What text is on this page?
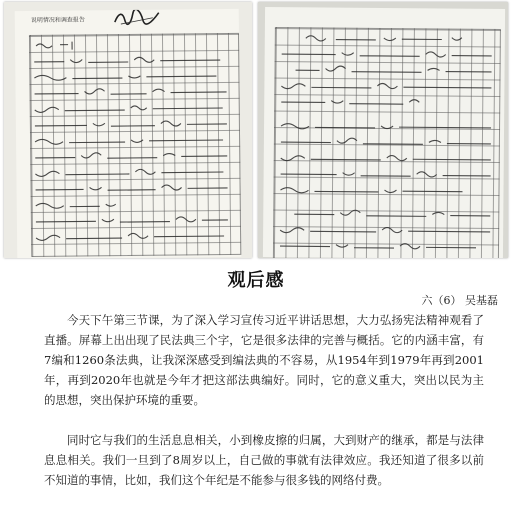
说明情况和调查报告
观后感
六（6） 吴基磊

今天下午第三节课，为了深入学习宣传习近平讲话思想，大力弘扬宪法精神观看了直播。屏幕上出出现了民法典三个字，它是很多法律的完善与概括。它的内涵丰富，有7编和1260条法典，让我深深感受到编法典的不容易，从1954年到1979年再到2001年，再到2020年也就是今年才把这部法典编好。同时，它的意义重大，突出以民为主的思想，突出保护环境的重要。

同时它与我们的生活息息相关，小到橡皮擦的归属，大到财产的继承，都是与法律息息相关。我们一旦到了8周岁以上，自己做的事就有法律效应。我还知道了很多以前不知道的事情，比如，我们这个年纪是不能参与很多钱的网络付费。
